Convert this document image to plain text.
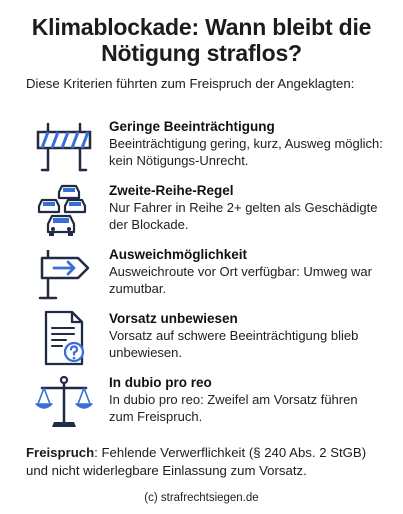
Klimablockade: Wann bleibt die Nötigung straflos?
Diese Kriterien führten zum Freispruch der Angeklagten:
Geringe Beeinträchtigung
Beeinträchtigung gering, kurz, Ausweg möglich: kein Nötigungs-Unrecht.
Zweite-Reihe-Regel
Nur Fahrer in Reihe 2+ gelten als Geschädigte der Blockade.
Ausweichmöglichkeit
Ausweichroute vor Ort verfügbar: Umweg war zumutbar.
Vorsatz unbewiesen
Vorsatz auf schwere Beeinträchtigung blieb unbewiesen.
In dubio pro reo
In dubio pro reo: Zweifel am Vorsatz führen zum Freispruch.
Freispruch: Fehlende Verwerflichkeit (§ 240 Abs. 2 StGB) und nicht widerlegbare Einlassung zum Vorsatz.
(c) strafrechtsiegen.de
